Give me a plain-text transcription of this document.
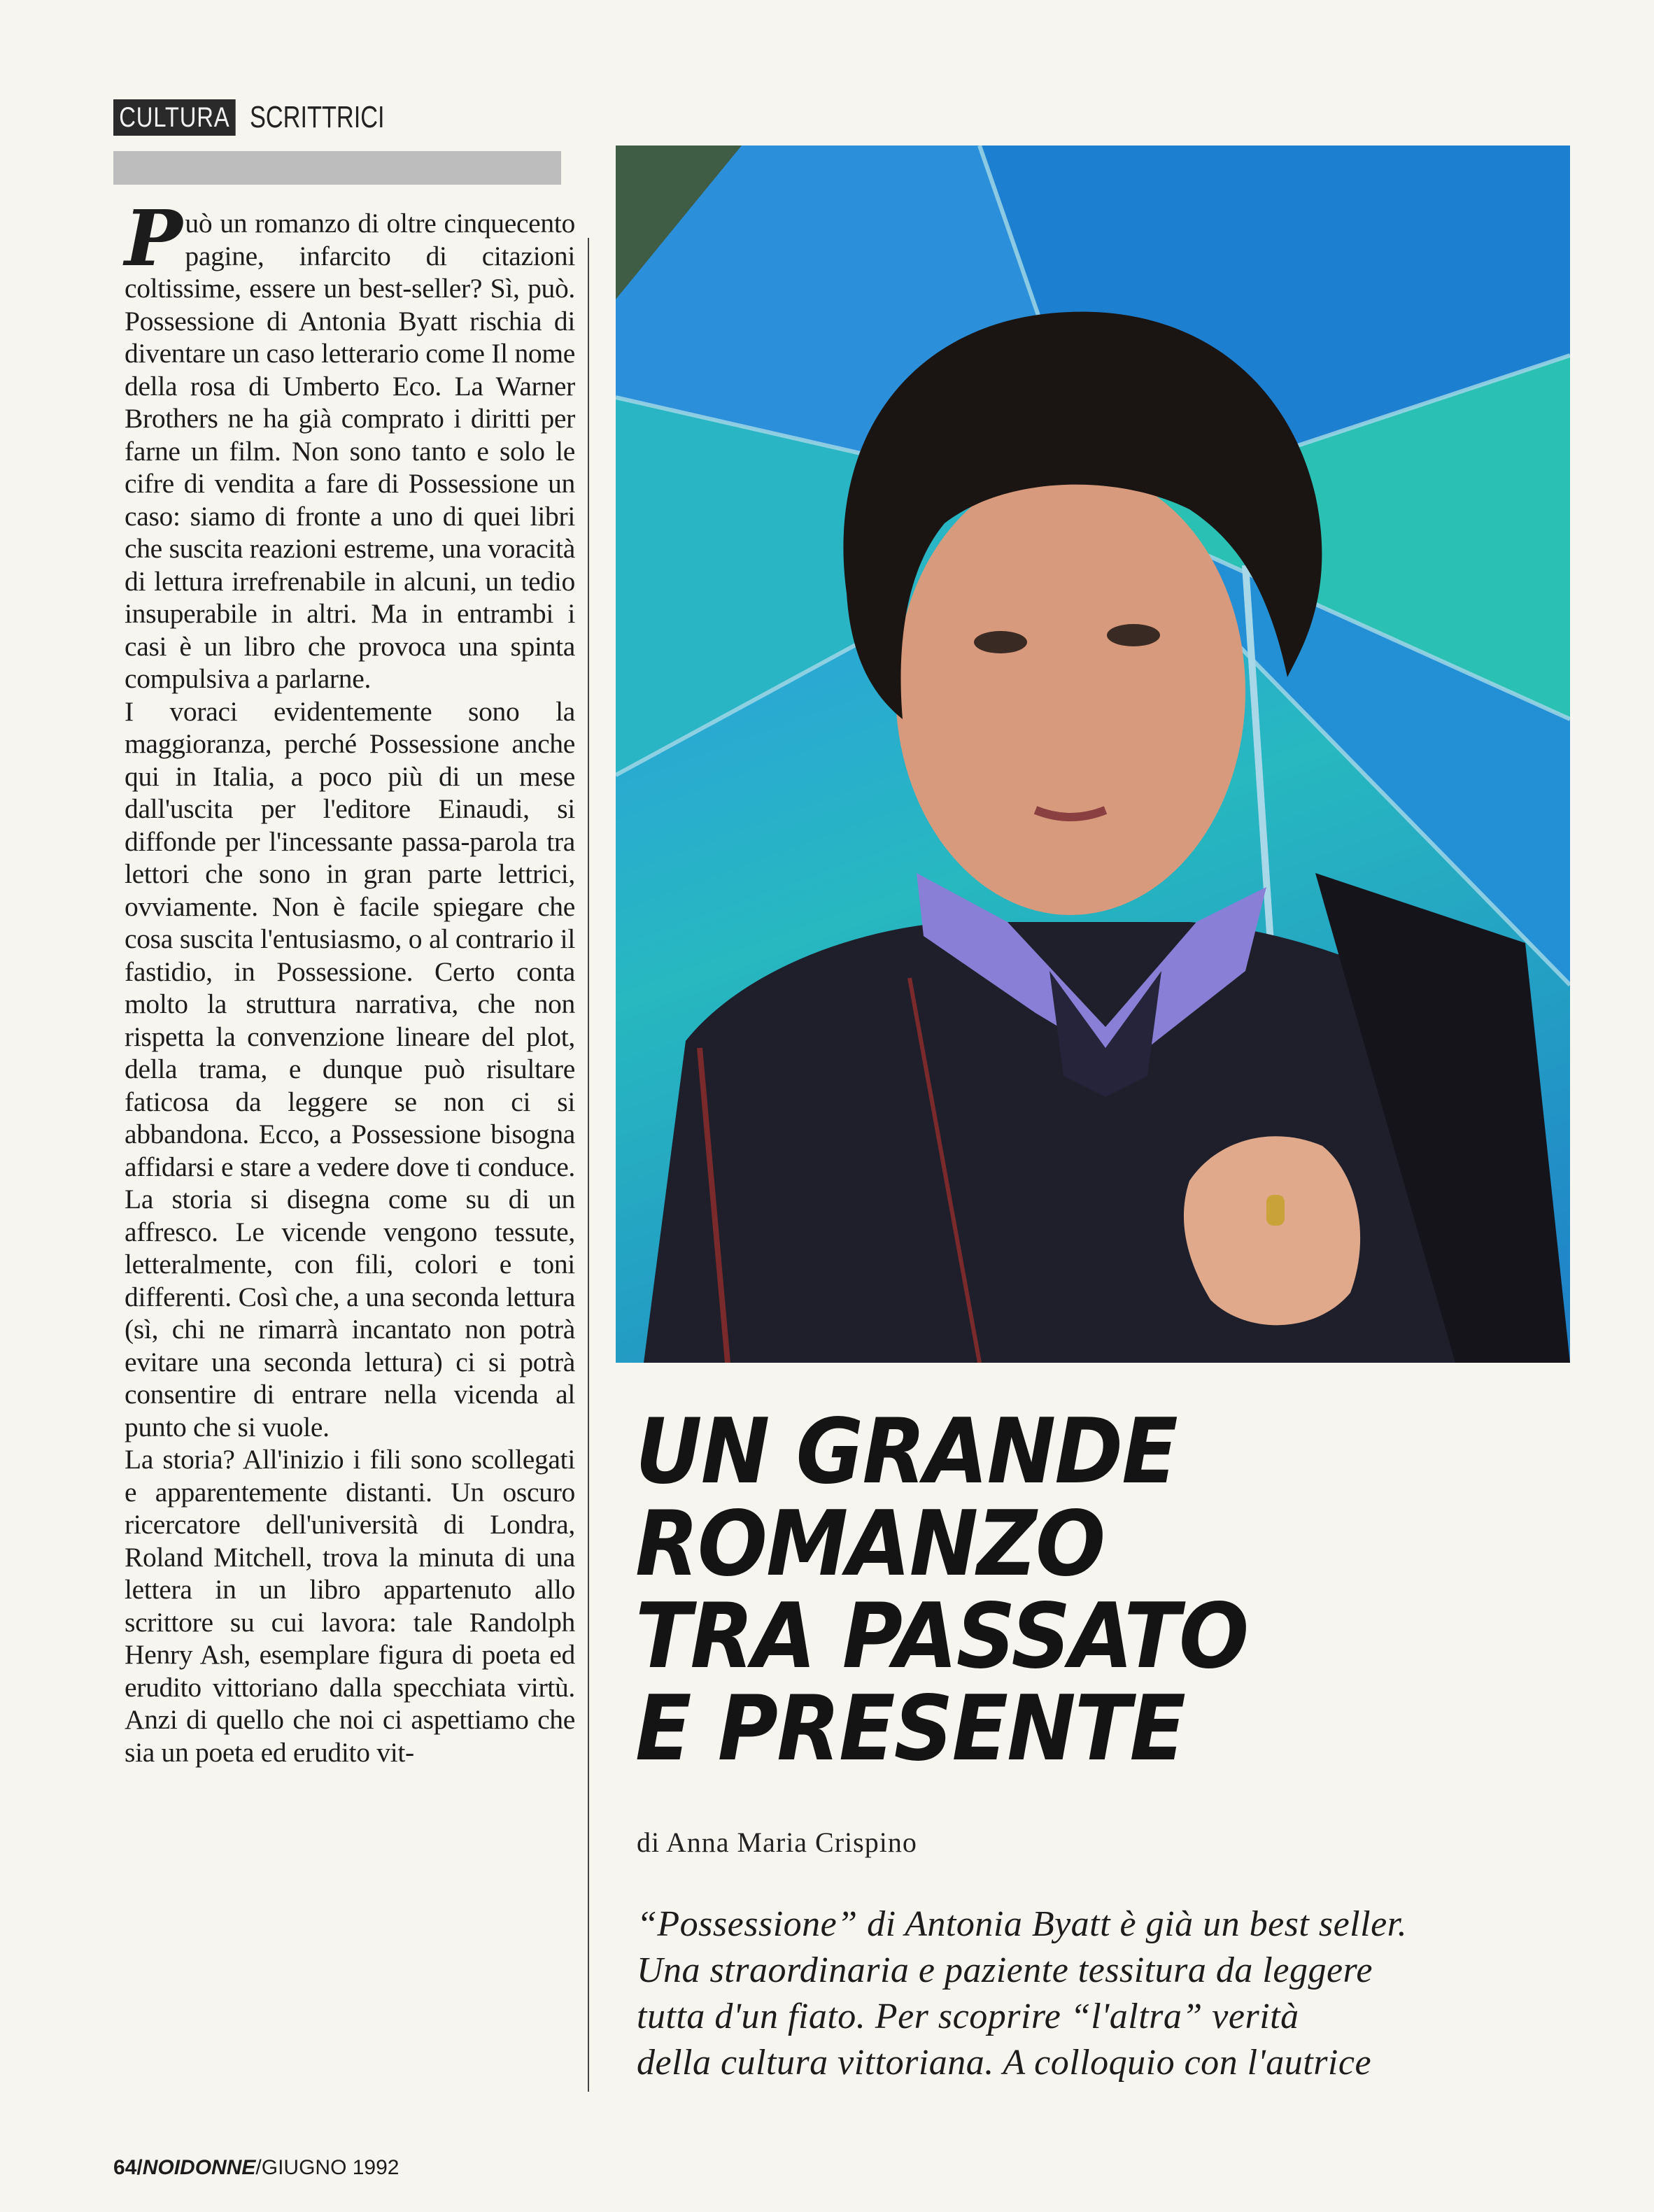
CULTURA SCRITTRICI

Può un romanzo di oltre cinquecento pagine, infarcito di citazioni coltissime, essere un best-seller? Sì, può. Possessione di Antonia Byatt rischia di diventare un caso letterario come Il nome della rosa di Umberto Eco. La Warner Brothers ne ha già comprato i diritti per farne un film. Non sono tanto e solo le cifre di vendita a fare di Possessione un caso: siamo di fronte a uno di quei libri che suscita reazioni estreme, una voracità di lettura irrefrenabile in alcuni, un tedio insuperabile in altri. Ma in entrambi i casi è un libro che provoca una spinta compulsiva a parlarne.

I voraci evidentemente sono la maggioranza, perché Possessione anche qui in Italia, a poco più di un mese dall'uscita per l'editore Einaudi, si diffonde per l'incessante passa-parola tra lettori che sono in gran parte lettrici, ovviamente. Non è facile spiegare che cosa suscita l'entusiasmo, o al contrario il fastidio, in Possessione. Certo conta molto la struttura narrativa, che non rispetta la convenzione lineare del plot, della trama, e dunque può risultare faticosa da leggere se non ci si abbandona. Ecco, a Possessione bisogna affidarsi e stare a vedere dove ti conduce. La storia si disegna come su di un affresco. Le vicende vengono tessute, letteralmente, con fili, colori e toni differenti. Così che, a una seconda lettura (sì, chi ne rimarrà incantato non potrà evitare una seconda lettura) ci si potrà consentire di entrare nella vicenda al punto che si vuole.

La storia? All'inizio i fili sono scollegati e apparentemente distanti. Un oscuro ricercatore dell'università di Londra, Roland Mitchell, trova la minuta di una lettera in un libro appartenuto allo scrittore su cui lavora: tale Randolph Henry Ash, esemplare figura di poeta ed erudito vittoriano dalla specchiata virtù. Anzi di quello che noi ci aspettiamo che sia un poeta ed erudito vit-

UN GRANDE
ROMANZO
TRA PASSATO
E PRESENTE
di Anna Maria Crispino
“Possessione” di Antonia Byatt è già un best seller.
Una straordinaria e paziente tessitura da leggere
tutta d'un fiato. Per scoprire “l'altra” verità
della cultura vittoriana. A colloquio con l'autrice
64/NOIDONNE/GIUGNO 1992
